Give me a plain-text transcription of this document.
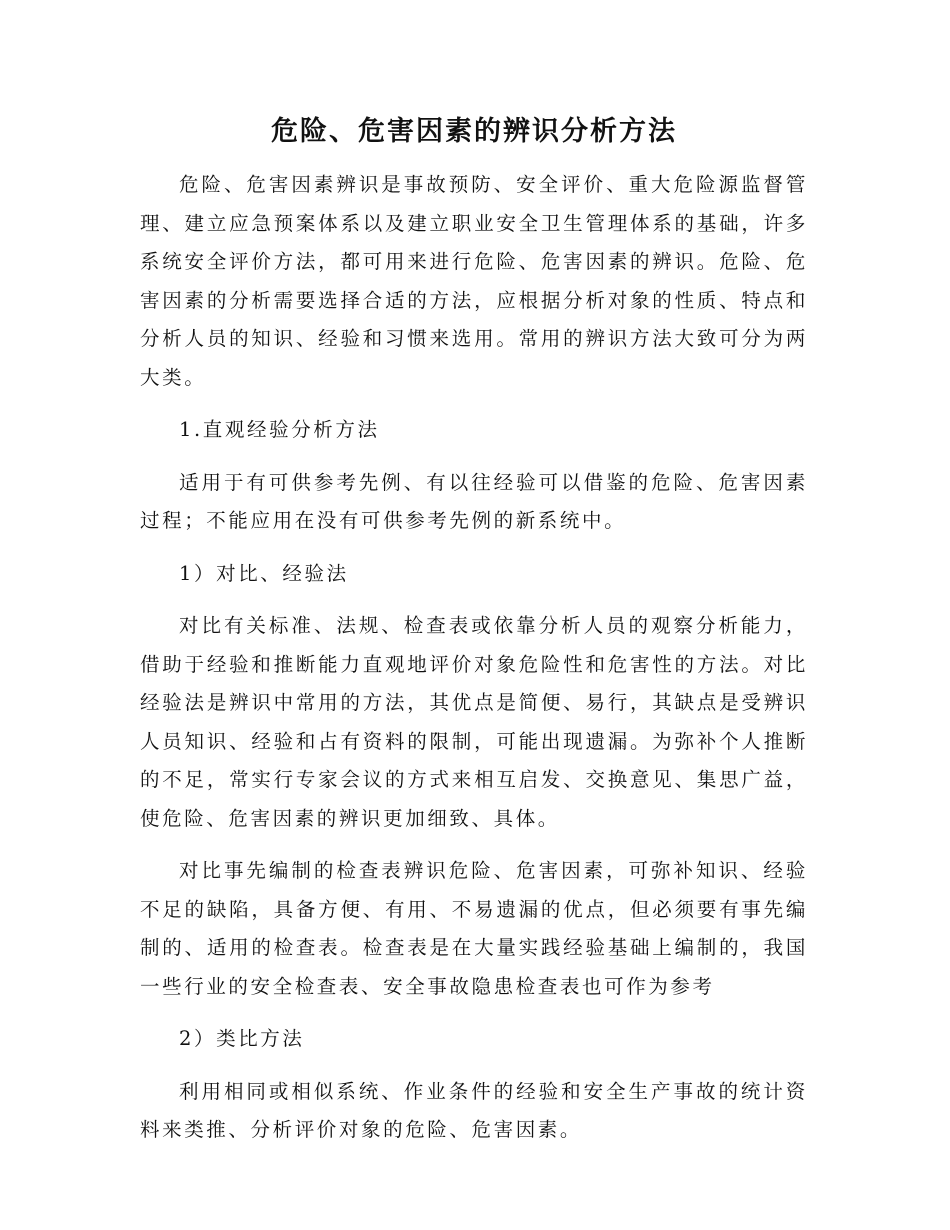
危险、危害因素的辨识分析方法

危险、危害因素辨识是事故预防、安全评价、重大危险源监督管理、建立应急预案体系以及建立职业安全卫生管理体系的基础，许多系统安全评价方法，都可用来进行危险、危害因素的辨识。危险、危害因素的分析需要选择合适的方法，应根据分析对象的性质、特点和分析人员的知识、经验和习惯来选用。常用的辨识方法大致可分为两大类。

1.直观经验分析方法

适用于有可供参考先例、有以往经验可以借鉴的危险、危害因素过程；不能应用在没有可供参考先例的新系统中。

1）对比、经验法

对比有关标准、法规、检查表或依靠分析人员的观察分析能力，借助于经验和推断能力直观地评价对象危险性和危害性的方法。对比经验法是辨识中常用的方法，其优点是简便、易行，其缺点是受辨识人员知识、经验和占有资料的限制，可能出现遗漏。为弥补个人推断的不足，常实行专家会议的方式来相互启发、交换意见、集思广益，使危险、危害因素的辨识更加细致、具体。

对比事先编制的检查表辨识危险、危害因素，可弥补知识、经验不足的缺陷，具备方便、有用、不易遗漏的优点，但必须要有事先编制的、适用的检查表。检查表是在大量实践经验基础上编制的，我国一些行业的安全检查表、安全事故隐患检查表也可作为参考

2）类比方法

利用相同或相似系统、作业条件的经验和安全生产事故的统计资料来类推、分析评价对象的危险、危害因素。
